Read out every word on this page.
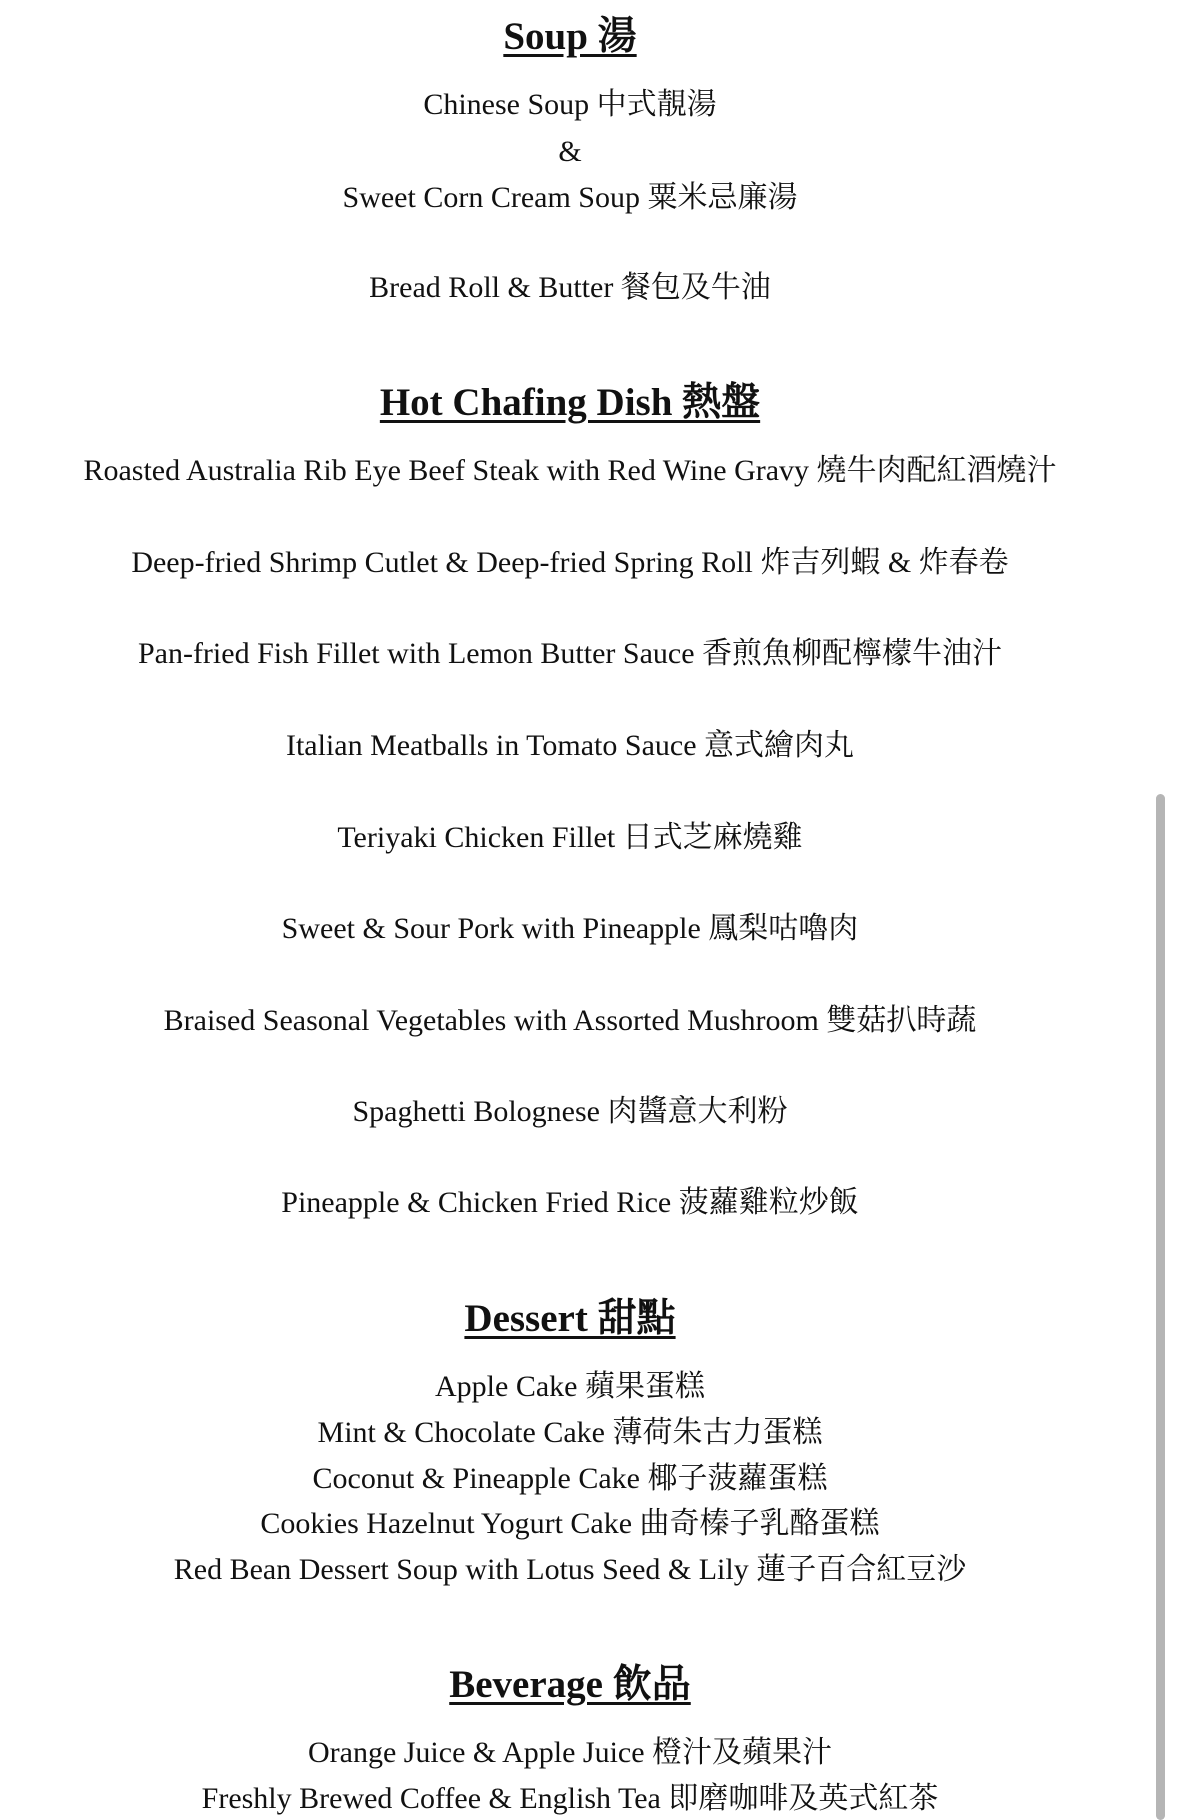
Soup 湯
Chinese Soup 中式靚湯
&
Sweet Corn Cream Soup 粟米忌廉湯
Bread Roll & Butter 餐包及牛油
Hot Chafing Dish 熱盤
Roasted Australia Rib Eye Beef Steak with Red Wine Gravy 燒牛肉配紅酒燒汁
Deep-fried Shrimp Cutlet & Deep-fried Spring Roll 炸吉列蝦 & 炸春卷
Pan-fried Fish Fillet with Lemon Butter Sauce 香煎魚柳配檸檬牛油汁
Italian Meatballs in Tomato Sauce 意式繪肉丸
Teriyaki Chicken Fillet 日式芝麻燒雞
Sweet & Sour Pork with Pineapple 鳳梨咕嚕肉
Braised Seasonal Vegetables with Assorted Mushroom 雙菇扒時蔬
Spaghetti Bolognese 肉醬意大利粉
Pineapple & Chicken Fried Rice 菠蘿雞粒炒飯
Dessert 甜點
Apple Cake 蘋果蛋糕
Mint & Chocolate Cake 薄荷朱古力蛋糕
Coconut & Pineapple Cake 椰子菠蘿蛋糕
Cookies Hazelnut Yogurt Cake 曲奇榛子乳酪蛋糕
Red Bean Dessert Soup with Lotus Seed & Lily 蓮子百合紅豆沙
Beverage 飲品
Orange Juice & Apple Juice 橙汁及蘋果汁
Freshly Brewed Coffee & English Tea 即磨咖啡及英式紅茶
